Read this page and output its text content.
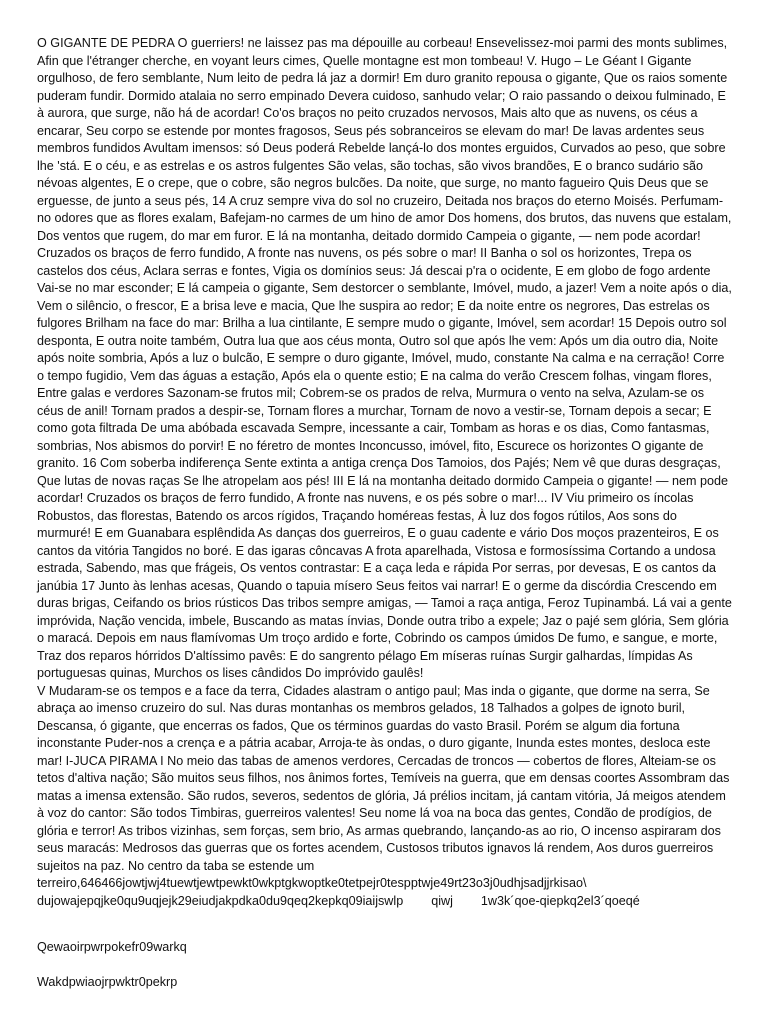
O GIGANTE DE PEDRA O guerriers! ne laissez pas ma dépouille au corbeau! Ensevelissez-moi parmi des monts sublimes, Afin que l'étranger cherche, en voyant leurs cimes, Quelle montagne est mon tombeau! V. Hugo – Le Géant I Gigante orgulhoso, de fero semblante, Num leito de pedra lá jaz a dormir! Em duro granito repousa o gigante, Que os raios somente puderam fundir. Dormido atalaia no serro empinado Devera cuidoso, sanhudo velar; O raio passando o deixou fulminado, E à aurora, que surge, não há de acordar! Co'os braços no peito cruzados nervosos, Mais alto que as nuvens, os céus a encarar, Seu corpo se estende por montes fragosos, Seus pés sobranceiros se elevam do mar! De lavas ardentes seus membros fundidos Avultam imensos: só Deus poderá Rebelde lançá-lo dos montes erguidos, Curvados ao peso, que sobre lhe 'stá. E o céu, e as estrelas e os astros fulgentes São velas, são tochas, são vivos brandões, E o branco sudário são névoas algentes, E o crepe, que o cobre, são negros bulcões. Da noite, que surge, no manto fagueiro Quis Deus que se erguesse, de junto a seus pés, 14 A cruz sempre viva do sol no cruzeiro, Deitada nos braços do eterno Moisés. Perfumam-no odores que as flores exalam, Bafejam-no carmes de um hino de amor Dos homens, dos brutos, das nuvens que estalam, Dos ventos que rugem, do mar em furor. E lá na montanha, deitado dormido Campeia o gigante, — nem pode acordar! Cruzados os braços de ferro fundido, A fronte nas nuvens, os pés sobre o mar! II Banha o sol os horizontes, Trepa os castelos dos céus, Aclara serras e fontes, Vigia os domínios seus: Já descai p'ra o ocidente, E em globo de fogo ardente Vai-se no mar esconder; E lá campeia o gigante, Sem destorcer o semblante, Imóvel, mudo, a jazer! Vem a noite após o dia, Vem o silêncio, o frescor, E a brisa leve e macia, Que lhe suspira ao redor; E da noite entre os negrores, Das estrelas os fulgores Brilham na face do mar: Brilha a lua cintilante, E sempre mudo o gigante, Imóvel, sem acordar! 15 Depois outro sol desponta, E outra noite também, Outra lua que aos céus monta, Outro sol que após lhe vem: Após um dia outro dia, Noite após noite sombria, Após a luz o bulcão, E sempre o duro gigante, Imóvel, mudo, constante Na calma e na cerração! Corre o tempo fugidio, Vem das águas a estação, Após ela o quente estio; E na calma do verão Crescem folhas, vingam flores, Entre galas e verdores Sazonam-se frutos mil; Cobrem-se os prados de relva, Murmura o vento na selva, Azulam-se os céus de anil! Tornam prados a despir-se, Tornam flores a murchar, Tornam de novo a vestir-se, Tornam depois a secar; E como gota filtrada De uma abóbada escavada Sempre, incessante a cair, Tombam as horas e os dias, Como fantasmas, sombrias, Nos abismos do porvir! E no féretro de montes Inconcusso, imóvel, fito, Escurece os horizontes O gigante de granito. 16 Com soberba indiferença Sente extinta a antiga crença Dos Tamoios, dos Pajés; Nem vê que duras desgraças, Que lutas de novas raças Se lhe atropelam aos pés! III E lá na montanha deitado dormido Campeia o gigante! — nem pode acordar! Cruzados os braços de ferro fundido, A fronte nas nuvens, e os pés sobre o mar!... IV Viu primeiro os íncolas Robustos, das florestas, Batendo os arcos rígidos, Traçando homéreas festas, À luz dos fogos rútilos, Aos sons do murmuré! E em Guanabara esplêndida As danças dos guerreiros, E o guau cadente e vário Dos moços prazenteiros, E os cantos da vitória Tangidos no boré. E das igaras côncavas A frota aparelhada, Vistosa e formosíssima Cortando a undosa estrada, Sabendo, mas que frágeis, Os ventos contrastar: E a caça leda e rápida Por serras, por devesas, E os cantos da janúbia 17 Junto às lenhas acesas, Quando o tapuia mísero Seus feitos vai narrar! E o germe da discórdia Crescendo em duras brigas, Ceifando os brios rústicos Das tribos sempre amigas, — Tamoi a raça antiga, Feroz Tupinambá. Lá vai a gente impróvida, Nação vencida, imbele, Buscando as matas ínvias, Donde outra tribo a expele; Jaz o pajé sem glória, Sem glória o maracá. Depois em naus flamívomas Um troço ardido e forte, Cobrindo os campos úmidos De fumo, e sangue, e morte, Traz dos reparos hórridos D'altíssimo pavês: E do sangrento pélago Em míseras ruínas Surgir galhardas, límpidas As portuguesas quinas, Murchos os lises cândidos Do imprόvido gaulês!

V Mudaram-se os tempos e a face da terra, Cidades alastram o antigo paul; Mas inda o gigante, que dorme na serra, Se abraça ao imenso cruzeiro do sul. Nas duras montanhas os membros gelados, 18 Talhados a golpes de ignoto buril, Descansa, ó gigante, que encerras os fados, Que os términos guardas do vasto Brasil. Porém se algum dia fortuna inconstante Puder-nos a crença e a pátria acabar, Arroja-te às ondas, o duro gigante, Inunda estes montes, desloca este mar! I-JUCA PIRAMA I No meio das tabas de amenos verdores, Cercadas de troncos — cobertos de flores, Alteiam-se os tetos d'altiva nação; São muitos seus filhos, nos ânimos fortes, Temíveis na guerra, que em densas coortes Assombram das matas a imensa extensão. São rudos, severos, sedentos de glória, Já prélios incitam, já cantam vitória, Já meigos atendem à voz do cantor: São todos Timbiras, guerreiros valentes! Seu nome lá voa na boca das gentes, Condão de prodígios, de glória e terror! As tribos vizinhas, sem forças, sem brio, As armas quebrando, lançando-as ao rio, O incenso aspiraram dos seus maracás: Medrosos das guerras que os fortes acendem, Custosos tributos ignavos lá rendem, Aos duros guerreiros sujeitos na paz. No centro da taba se estende um terreiro,646466jowtjwj4tuewtjewtpewkt0wkptgkwoptke0tetpejr0tespptwje49rt23o3j0udhjsadjjrkisao\

dujowajepqjke0qu9uqjejk29eiudjakpdka0du9qeq2kepkq09iaijswlp        qiwj        1w3k´qoe-qiepkq2el3´qoeqé

Qewaoirpwrpokefr09warkq

Wakdpwiaojrpwktr0pekrp
